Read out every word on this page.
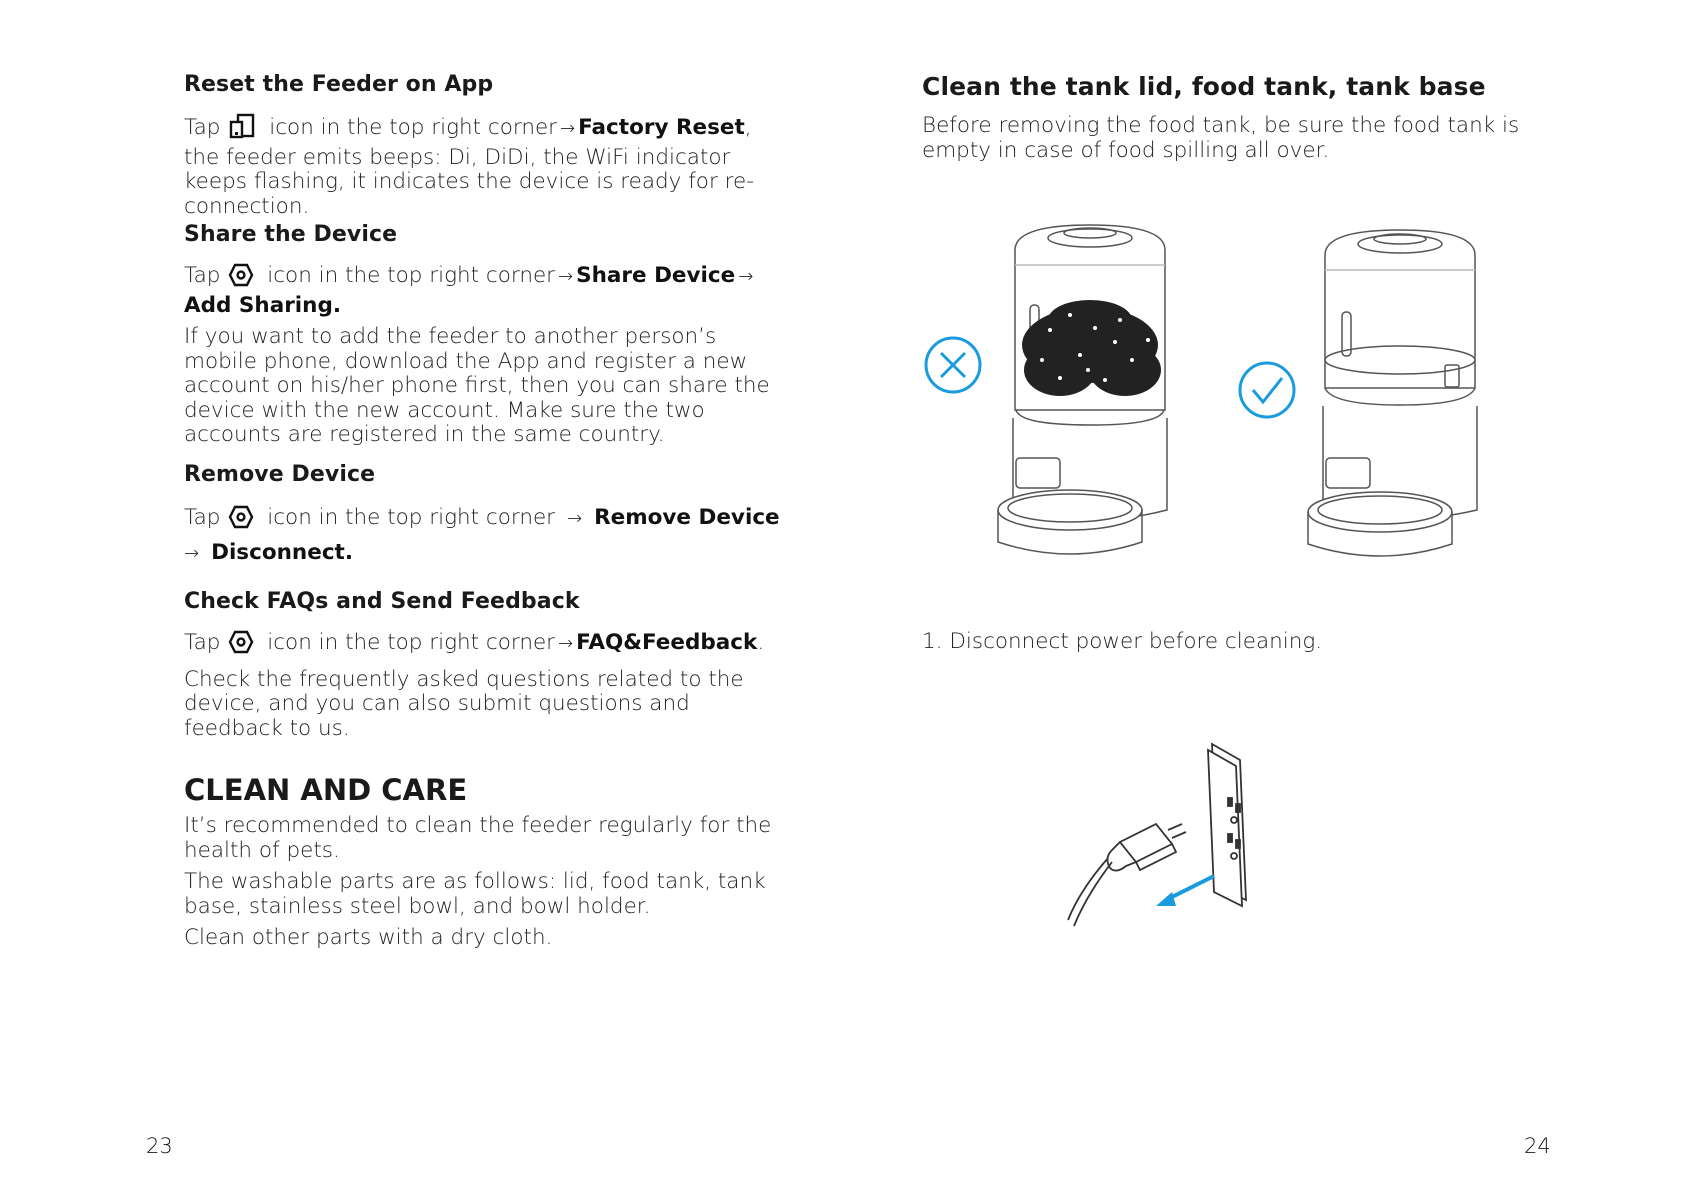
Reset the Feeder on App

Tap icon in the top right corner → Factory Reset, the feeder emits beeps: Di, DiDi, the WiFi indicator keeps flashing, it indicates the device is ready for re-connection.

Share the Device

Tap icon in the top right corner → Share Device →Add Sharing.

If you want to add the feeder to another person’s mobile phone, download the App and register a new account on his/her phone first, then you can share the device with the new account. Make sure the two accounts are registered in the same country.

Remove Device

Tap icon in the top right corner → Remove Device
→ Disconnect.

Check FAQs and Send Feedback

Tap icon in the top right corner → FAQ&Feedback.

Check the frequently asked questions related to the device, and you can also submit questions and feedback to us.

CLEAN AND CARE

It’s recommended to clean the feeder regularly for the health of pets.

The washable parts are as follows: lid, food tank, tank base, stainless steel bowl, and bowl holder.

Clean other parts with a dry cloth.

23
Clean the tank lid, food tank, tank base

Before removing the food tank, be sure the food tank is empty in case of food spilling all over.

1. Disconnect power before cleaning.

24
